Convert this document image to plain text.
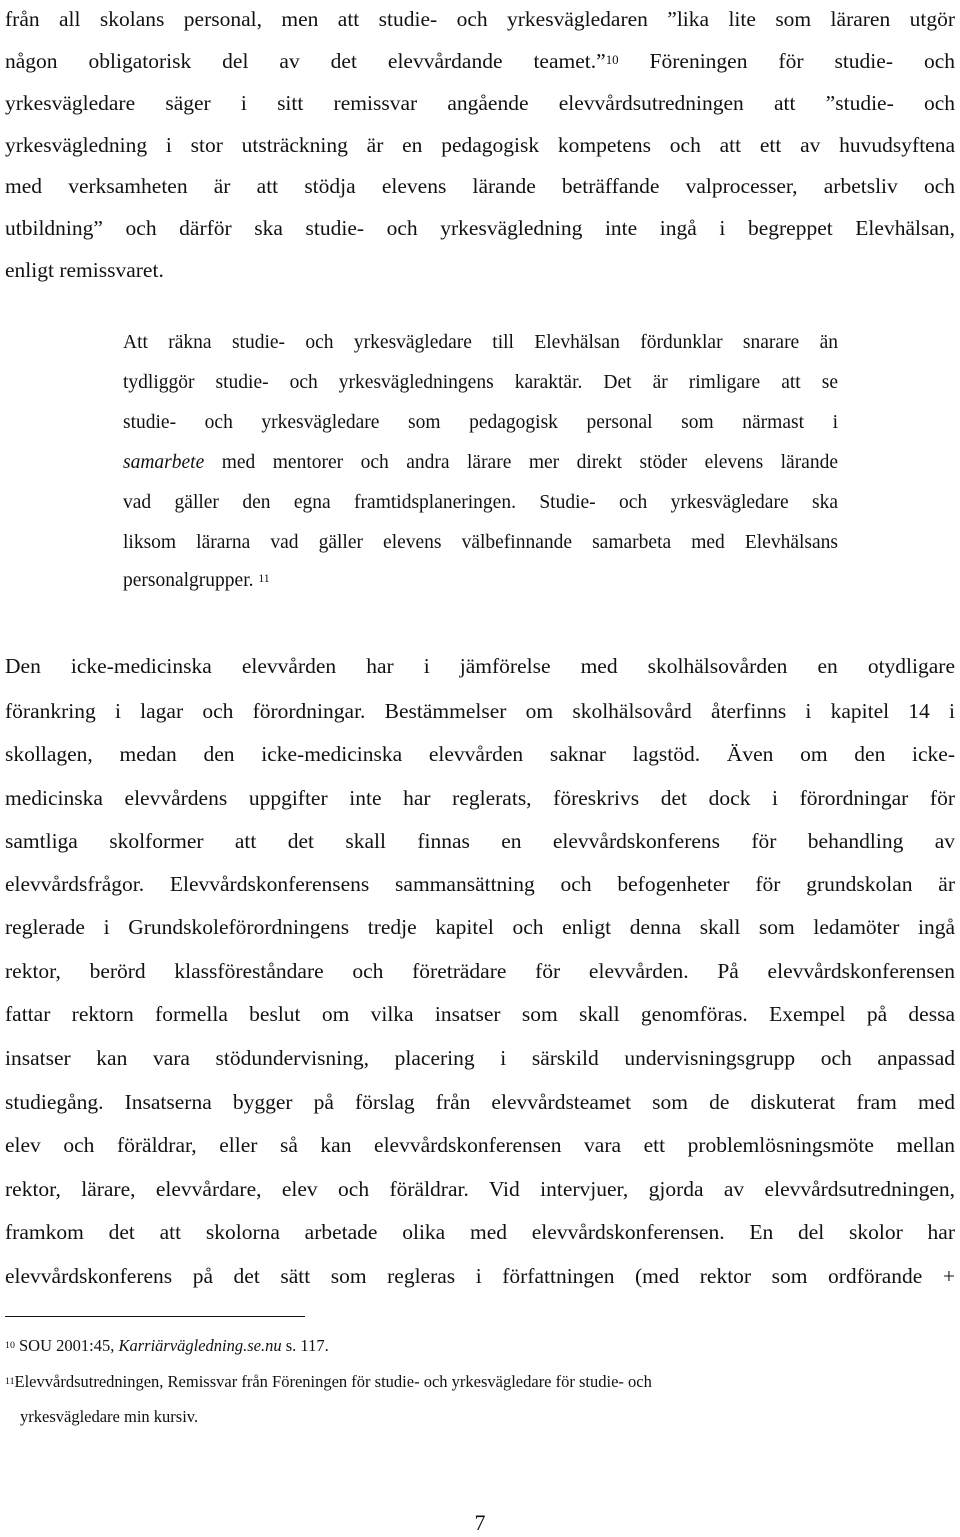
från all skolans personal, men att studie- och yrkesvägledaren ”lika lite som läraren utgör
någon obligatorisk del av det elevvårdande teamet.”$^{10}$ Föreningen för studie- och
yrkesvägledare säger i sitt remissvar angående elevvårdsutredningen att ”studie- och
yrkesvägledning i stor utsträckning är en pedagogisk kompetens och att ett av huvudsyftena
med verksamheten är att stödja elevens lärande beträffande valprocesser, arbetsliv och
utbildning” och därför ska studie- och yrkesvägledning inte ingå i begreppet Elevhälsan,
enligt remissvaret.
Att räkna studie- och yrkesvägledare till Elevhälsan fördunklar snarare än
tydliggör studie- och yrkesvägledningens karaktär. Det är rimligare att se
studie- och yrkesvägledare som pedagogisk personal som närmast i
samarbete med mentorer och andra lärare mer direkt stöder elevens lärande
vad gäller den egna framtidsplaneringen. Studie- och yrkesvägledare ska
liksom lärarna vad gäller elevens välbefinnande samarbeta med Elevhälsans
personalgrupper. $^{11}$
Den icke-medicinska elevvården har i jämförelse med skolhälsovården en otydligare
förankring i lagar och förordningar. Bestämmelser om skolhälsovård återfinns i kapitel 14 i
skollagen, medan den icke-medicinska elevvården saknar lagstöd. Även om den icke-
medicinska elevvårdens uppgifter inte har reglerats, föreskrivs det dock i förordningar för
samtliga skolformer att det skall finnas en elevvårdskonferens för behandling av
elevvårdsfrågor. Elevvårdskonferensens sammansättning och befogenheter för grundskolan är
reglerade i Grundskoleförordningens tredje kapitel och enligt denna skall som ledamöter ingå
rektor, berörd klassföreståndare och företrädare för elevvården. På elevvårdskonferensen
fattar rektorn formella beslut om vilka insatser som skall genomföras. Exempel på dessa
insatser kan vara stödundervisning, placering i särskild undervisningsgrupp och anpassad
studiegång. Insatserna bygger på förslag från elevvårdsteamet som de diskuterat fram med
elev och föräldrar, eller så kan elevvårdskonferensen vara ett problemlösningsmöte mellan
rektor, lärare, elevvårdare, elev och föräldrar. Vid intervjuer, gjorda av elevvårdsutredningen,
framkom det att skolorna arbetade olika med elevvårdskonferensen. En del skolor har
elevvårdskonferens på det sätt som regleras i författningen (med rektor som ordförande +
$^{10}$ SOU 2001:45, Karriärvägledning.se.nu s. 117.
$^{11}$Elevvårdsutredningen, Remissvar från Föreningen för studie- och yrkesvägledare för studie- och
yrkesvägledare min kursiv.
7
